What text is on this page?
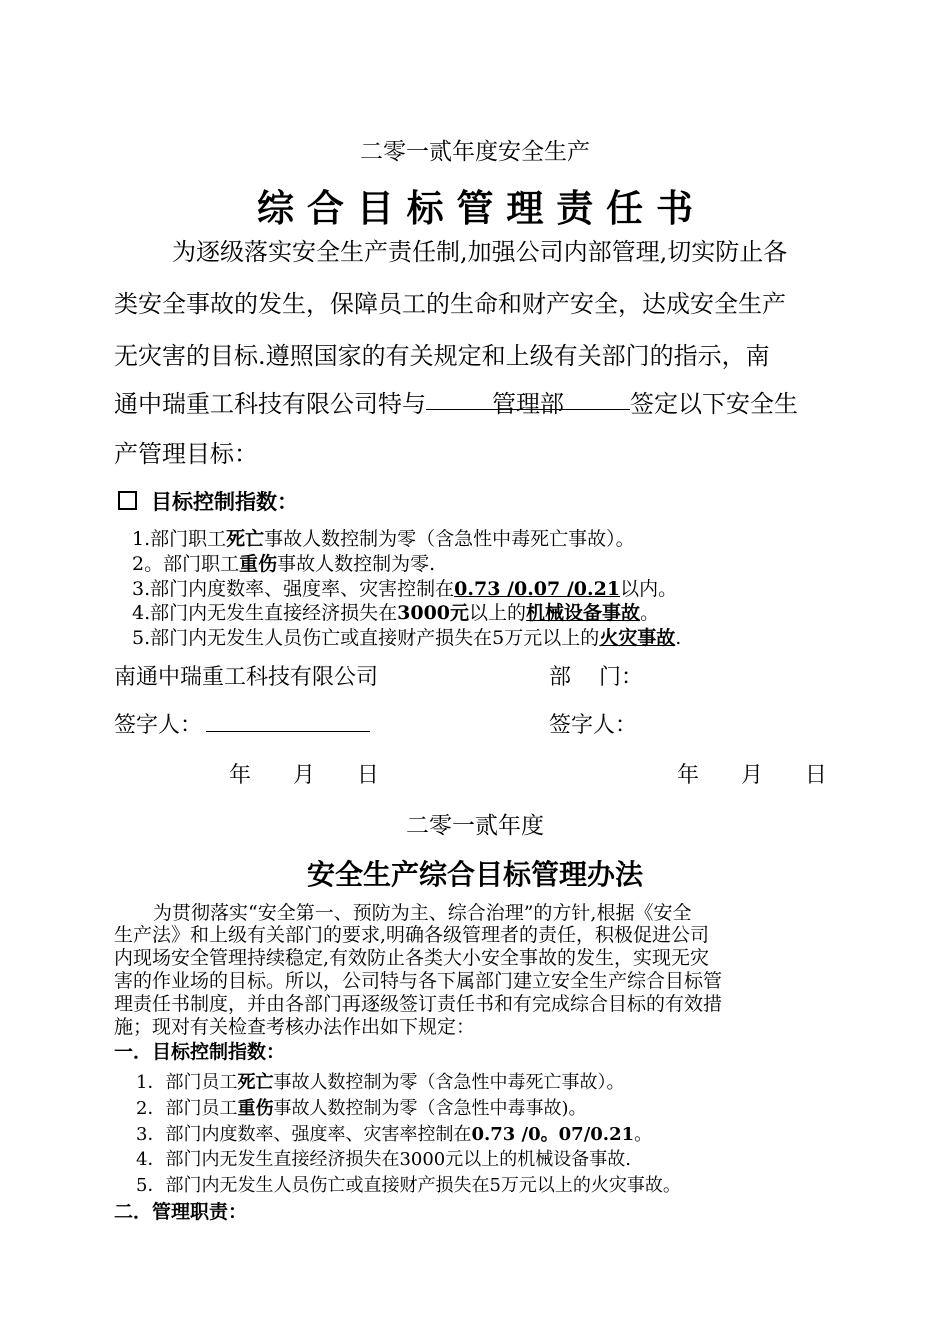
二零一贰年度安全生产
综 合 目 标 管 理 责 任 书
为逐级落实安全生产责任制,加强公司内部管理,切实防止各
类安全事故的发生，保障员工的生命和财产安全，达成安全生产
无灾害的目标.遵照国家的有关规定和上级有关部门的指示，南
通中瑞重工科技有限公司特与	管理部	签定以下安全生
产管理目标：
目标控制指数：
1.部门职工死亡事故人数控制为零（含急性中毒死亡事故）。
2。部门职工重伤事故人数控制为零.
3.部门内度数率、强度率、灾害控制在0.73 /0.07 /0.21以内。
4.部门内无发生直接经济损失在3000元以上的机械设备事故。
5.部门内无发生人员伤亡或直接财产损失在5万元以上的火灾事故.
南通中瑞重工科技有限公司	部    门：
签字人：	签字人：
年      月      日	年      月      日
二零一贰年度
安全生产综合目标管理办法
为贯彻落实“安全第一、预防为主、综合治理”的方针,根据《安全
生产法》和上级有关部门的要求,明确各级管理者的责任，积极促进公司
内现场安全管理持续稳定,有效防止各类大小安全事故的发生，实现无灾
害的作业场的目标。所以，公司特与各下属部门建立安全生产综合目标管
理责任书制度，并由各部门再逐级签订责任书和有完成综合目标的有效措
施；现对有关检查考核办法作出如下规定：
一．目标控制指数：
1．部门员工死亡事故人数控制为零（含急性中毒死亡事故）。
2．部门员工重伤事故人数控制为零（含急性中毒事故)。
3．部门内度数率、强度率、灾害率控制在0.73 /0。07/0.21。
4．部门内无发生直接经济损失在3000元以上的机械设备事故.
5．部门内无发生人员伤亡或直接财产损失在5万元以上的火灾事故。
二．管理职责：
